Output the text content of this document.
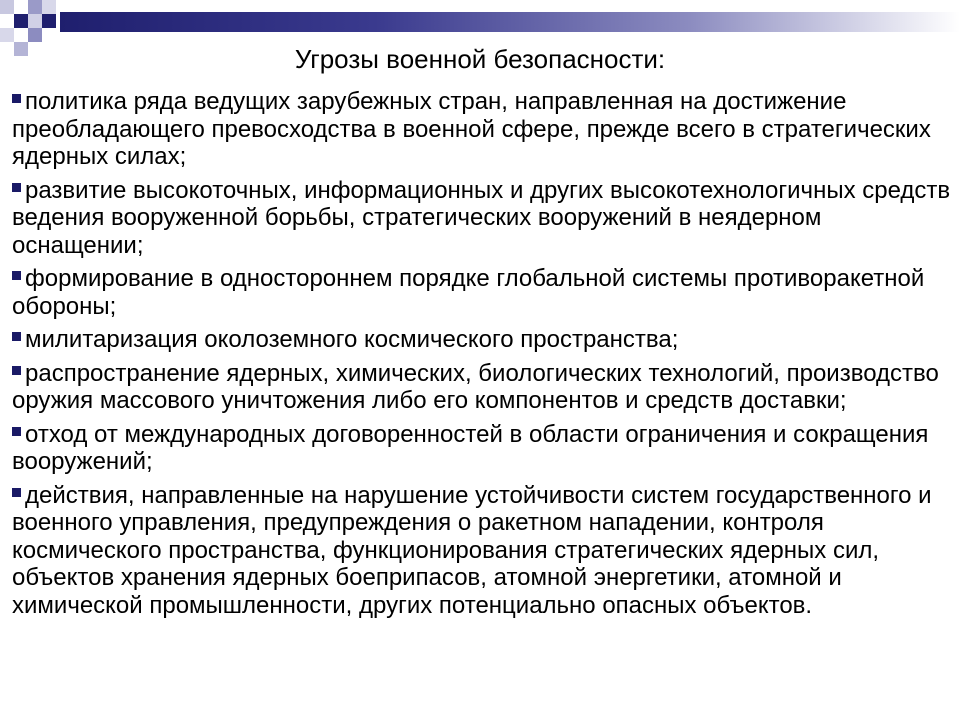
Угрозы военной безопасности:
политика ряда ведущих зарубежных стран, направленная на достижение преобладающего превосходства в военной сфере, прежде всего в стратегических ядерных силах;
развитие высокоточных, информационных и других высокотехнологичных средств ведения вооруженной борьбы, стратегических вооружений в неядерном оснащении;
формирование в одностороннем порядке глобальной системы противоракетной обороны;
милитаризация околоземного космического пространства;
распространение ядерных, химических, биологических технологий, производство оружия массового уничтожения либо его компонентов и средств доставки;
отход от международных договоренностей в области ограничения и сокращения вооружений;
действия, направленные на нарушение устойчивости систем государственного и военного управления, предупреждения о ракетном нападении, контроля космического пространства, функционирования стратегических ядерных сил, объектов хранения ядерных боеприпасов, атомной энергетики, атомной и химической промышленности, других потенциально опасных объектов.
